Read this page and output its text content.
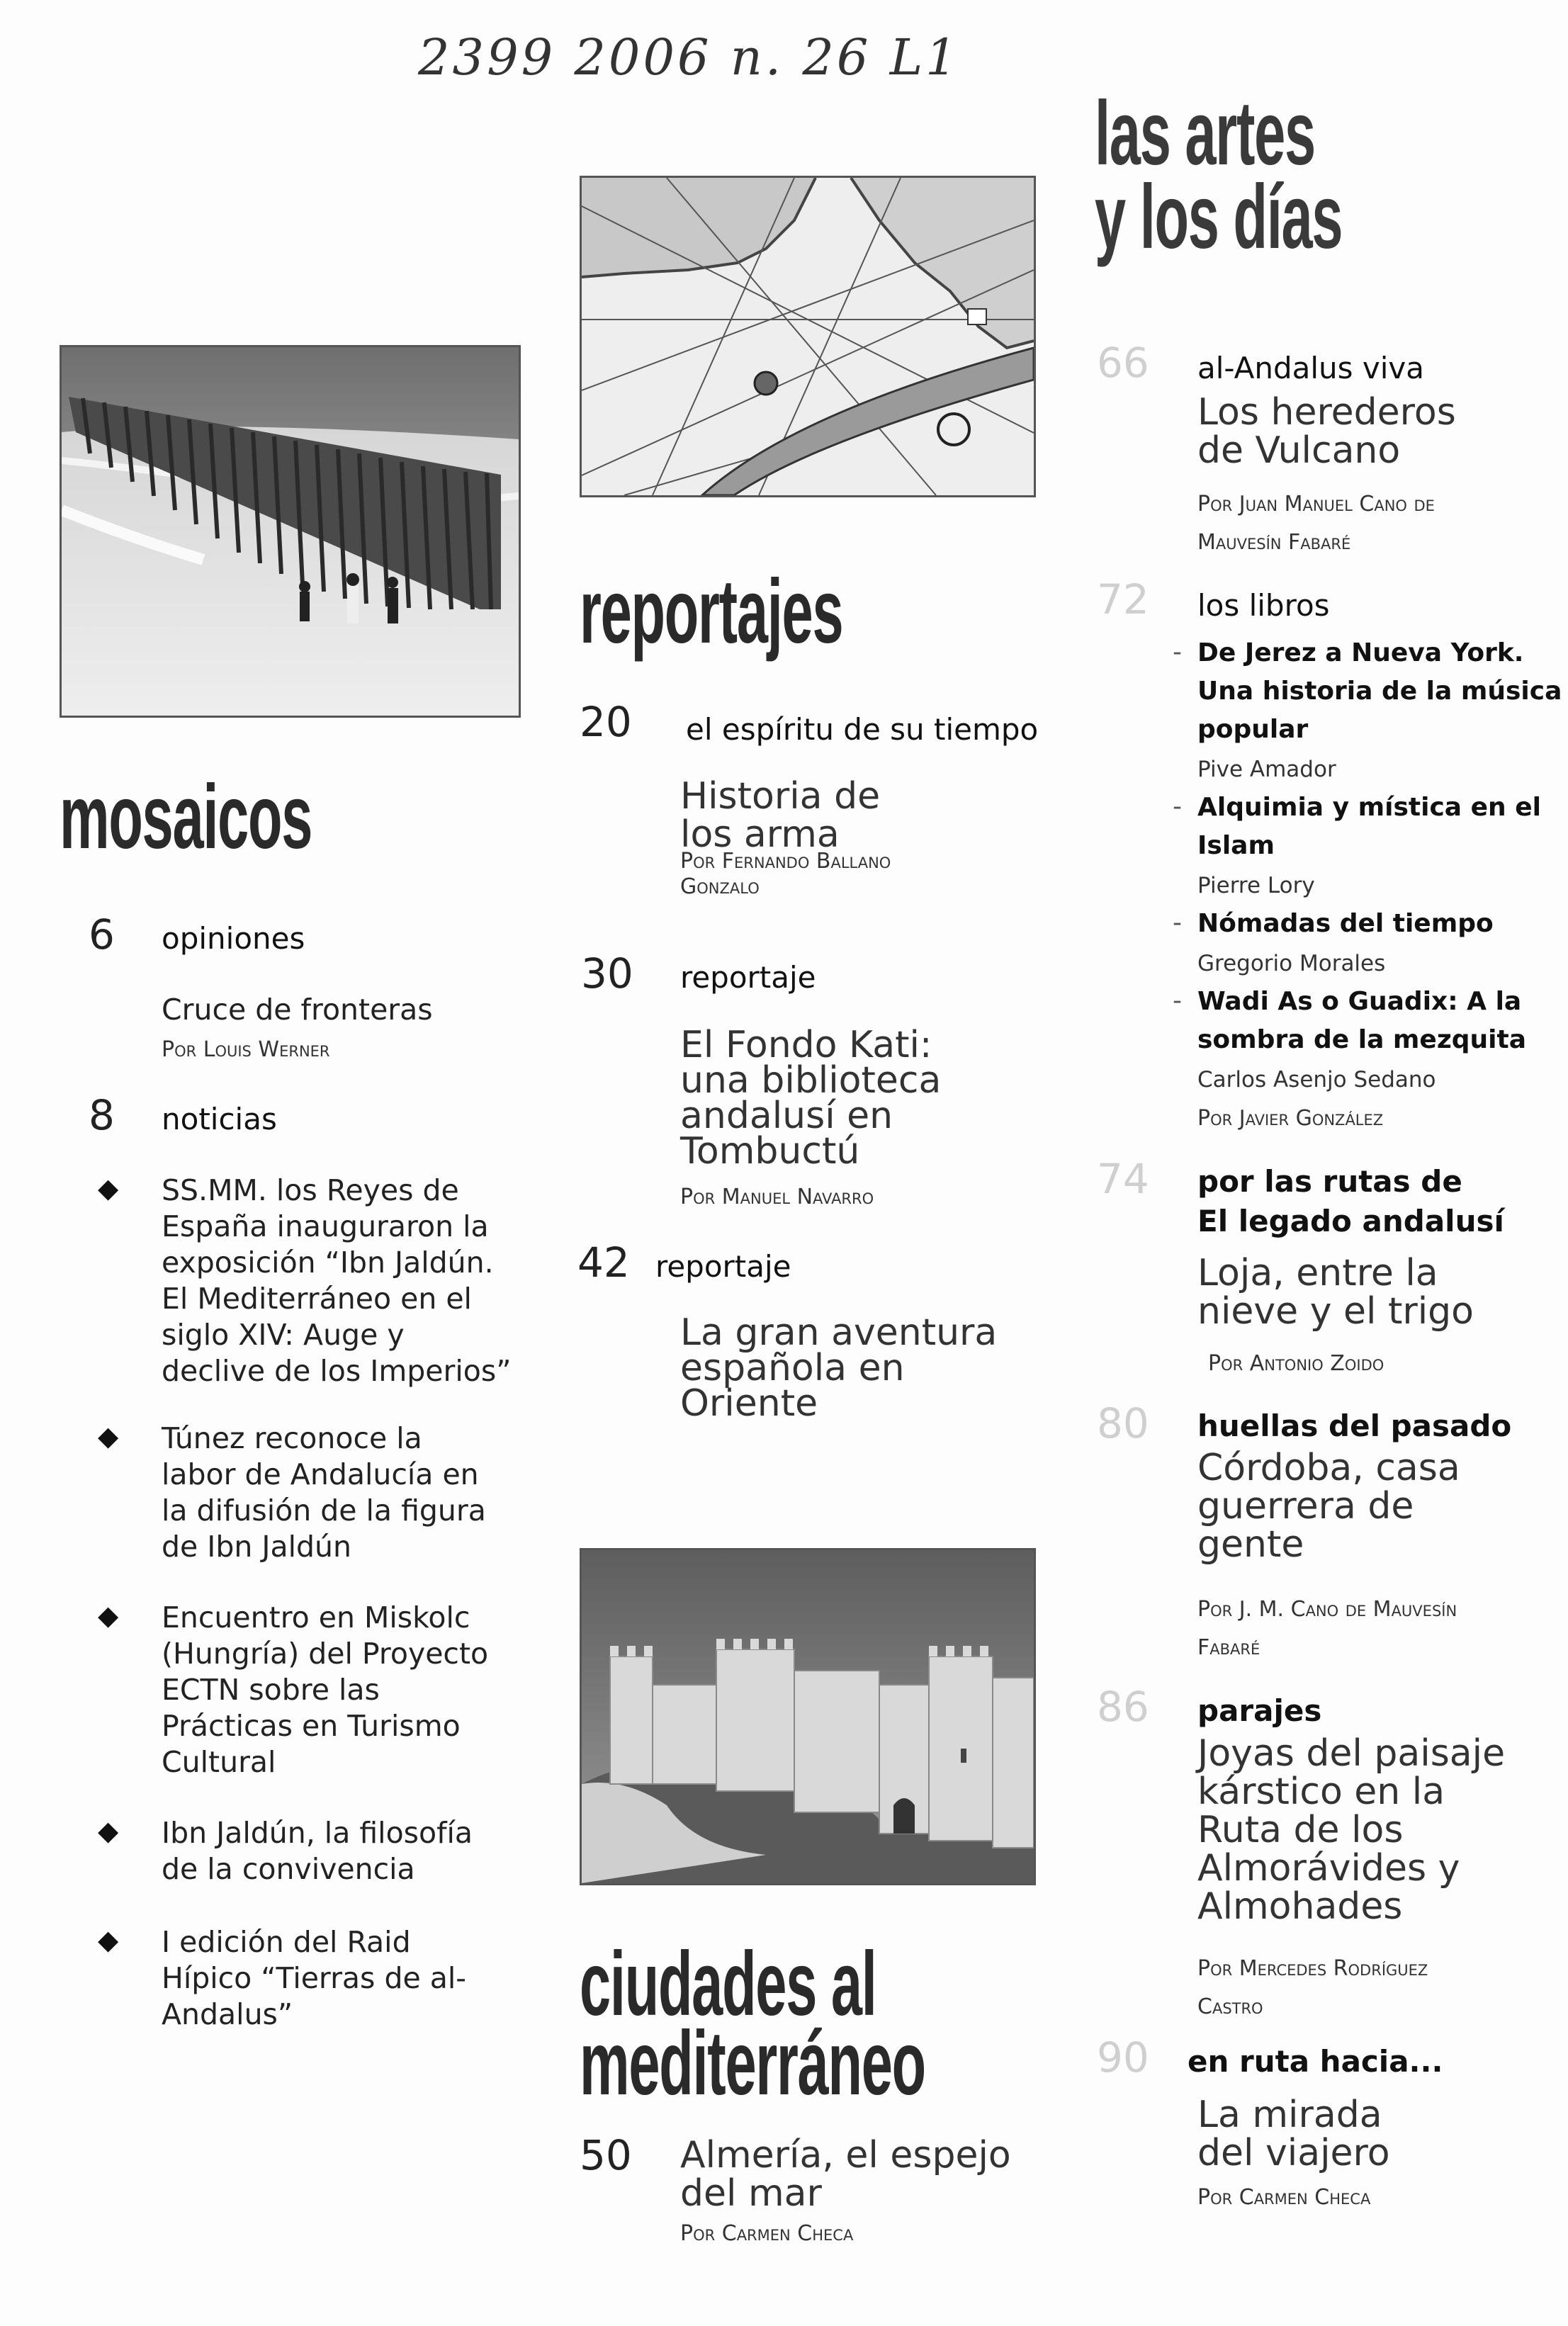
2399 2006 n. 26 L1
las artes
y los días
mosaicos
6 opiniones
Cruce de fronteras
Por Louis Werner
8 noticias
◆ SS.MM. los Reyes de
España inauguraron la
exposición “Ibn Jaldún.
El Mediterráneo en el
siglo XIV: Auge y
declive de los Imperios”
◆ Túnez reconoce la
labor de Andalucía en
la difusión de la figura
de Ibn Jaldún
◆ Encuentro en Miskolc
(Hungría) del Proyecto
ECTN sobre las
Prácticas en Turismo
Cultural
◆ Ibn Jaldún, la filosofía
de la convivencia
◆ I edición del Raid
Hípico “Tierras de al-
Andalus”
reportajes
20 el espíritu de su tiempo
Historia de
los arma
Por Fernando Ballano
Gonzalo
30 reportaje
El Fondo Kati:
una biblioteca
andalusí en
Tombuctú
Por Manuel Navarro
42 reportaje
La gran aventura
española en
Oriente
ciudades al
mediterráneo
50 Almería, el espejo
del mar
Por Carmen Checa
66 al-Andalus viva
Los herederos
de Vulcano
Por Juan Manuel Cano de
Mauvesín Fabaré
72 los libros
- De Jerez a Nueva York.
Una historia de la música
popular
Pive Amador
- Alquimia y mística en el
Islam
Pierre Lory
- Nómadas del tiempo
Gregorio Morales
- Wadi As o Guadix: A la
sombra de la mezquita
Carlos Asenjo Sedano
Por Javier González
74 por las rutas de
El legado andalusí
Loja, entre la
nieve y el trigo
Por Antonio Zoido
80 huellas del pasado
Córdoba, casa
guerrera de
gente
Por J. M. Cano de Mauvesín
Fabaré
86 parajes
Joyas del paisaje
kárstico en la
Ruta de los
Almorávides y
Almohades
Por Mercedes Rodríguez
Castro
90 en ruta hacia...
La mirada
del viajero
Por Carmen Checa
